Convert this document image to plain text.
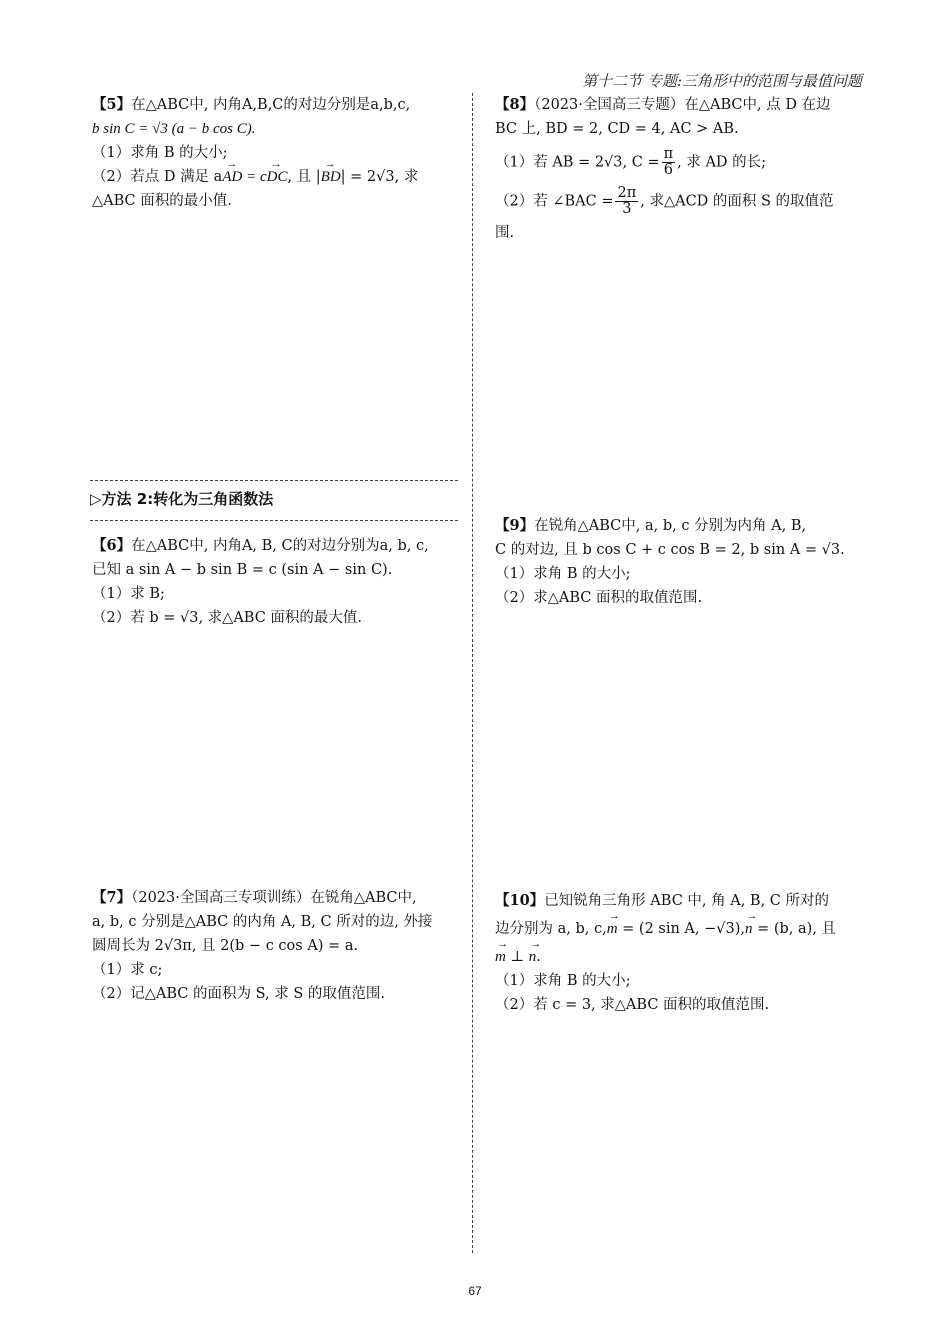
第十二节 专题:三角形中的范围与最值问题

【5】在△ABC中, 内角A,B,C的对边分别是a,b,c,

b sin C = √3 (a − b cos C).

（1）求角 B 的大小;

（2）若点 D 满足 a→ AD = c→ DC, 且 |→ BD| = 2√3, 求

△ABC 面积的最小值.

【8】（2023·全国高三专题）在△ABC中, 点 D 在边

BC 上, BD = 2, CD = 4, AC > AB.

（1）若 AB = 2√3, $C = \frac{\pi}{6}$ , 求 AD 的长;

（2）若 ∠BAC = $\frac{2\pi}{3}$ , 求△ACD 的面积 S 的取值范

围.

▷方法 2:转化为三角函数法

【6】在△ABC中, 内角A, B, C的对边分别为a, b, c,

已知 a sin A − b sin B = c (sin A − sin C).

（1）求 B;

（2）若 b = √3, 求△ABC 面积的最大值.

【9】在锐角△ABC中, a, b, c 分别为内角 A, B,

C 的对边, 且 b cos C + c cos B = 2, b sin A = √3.

（1）求角 B 的大小;

（2）求△ABC 面积的取值范围.

【7】（2023·全国高三专项训练）在锐角△ABC中,

a, b, c 分别是△ABC 的内角 A, B, C 所对的边, 外接

圆周长为 2√3π, 且 2(b − c cos A) = a.

（1）求 c;

（2）记△ABC 的面积为 S, 求 S 的取值范围.

【10】已知锐角三角形 ABC 中, 角 A, B, C 所对的

边分别为 a, b, c,→ m = (2 sin A, −√3),→ n = (b, a), 且

→ m ⊥ → n.

（1）求角 B 的大小;

（2）若 c = 3, 求△ABC 面积的取值范围.

67
